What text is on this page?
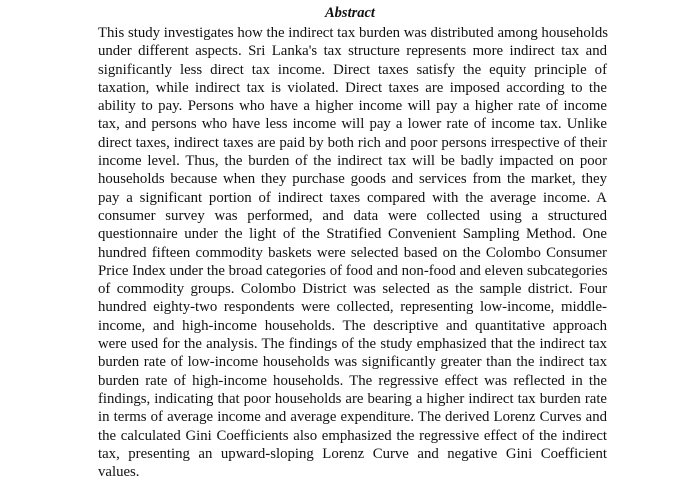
Abstract
This study investigates how the indirect tax burden was distributed among households
under different aspects. Sri Lanka's tax structure represents more indirect tax and
significantly less direct tax income. Direct taxes satisfy the equity principle of
taxation, while indirect tax is violated. Direct taxes are imposed according to the
ability to pay. Persons who have a higher income will pay a higher rate of income
tax, and persons who have less income will pay a lower rate of income tax. Unlike
direct taxes, indirect taxes are paid by both rich and poor persons irrespective of their
income level. Thus, the burden of the indirect tax will be badly impacted on poor
households because when they purchase goods and services from the market, they
pay a significant portion of indirect taxes compared with the average income. A
consumer survey was performed, and data were collected using a structured
questionnaire under the light of the Stratified Convenient Sampling Method. One
hundred fifteen commodity baskets were selected based on the Colombo Consumer
Price Index under the broad categories of food and non-food and eleven subcategories
of commodity groups. Colombo District was selected as the sample district. Four
hundred eighty-two respondents were collected, representing low-income, middle-
income, and high-income households. The descriptive and quantitative approach
were used for the analysis. The findings of the study emphasized that the indirect tax
burden rate of low-income households was significantly greater than the indirect tax
burden rate of high-income households. The regressive effect was reflected in the
findings, indicating that poor households are bearing a higher indirect tax burden rate
in terms of average income and average expenditure. The derived Lorenz Curves and
the calculated Gini Coefficients also emphasized the regressive effect of the indirect
tax, presenting an upward-sloping Lorenz Curve and negative Gini Coefficient
values.
